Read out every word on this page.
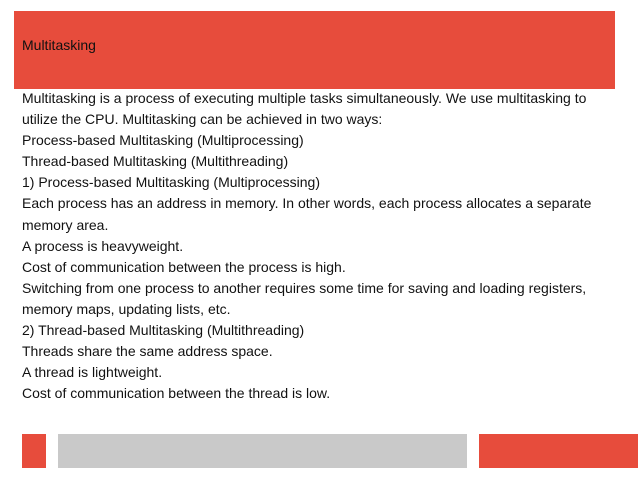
Multitasking
Multitasking is a process of executing multiple tasks simultaneously. We use multitasking to
utilize the CPU. Multitasking can be achieved in two ways:
Process-based Multitasking (Multiprocessing)
Thread-based Multitasking (Multithreading)
1) Process-based Multitasking (Multiprocessing)
Each process has an address in memory. In other words, each process allocates a separate
memory area.
A process is heavyweight.
Cost of communication between the process is high.
Switching from one process to another requires some time for saving and loading registers,
memory maps, updating lists, etc.
2) Thread-based Multitasking (Multithreading)
Threads share the same address space.
A thread is lightweight.
Cost of communication between the thread is low.
